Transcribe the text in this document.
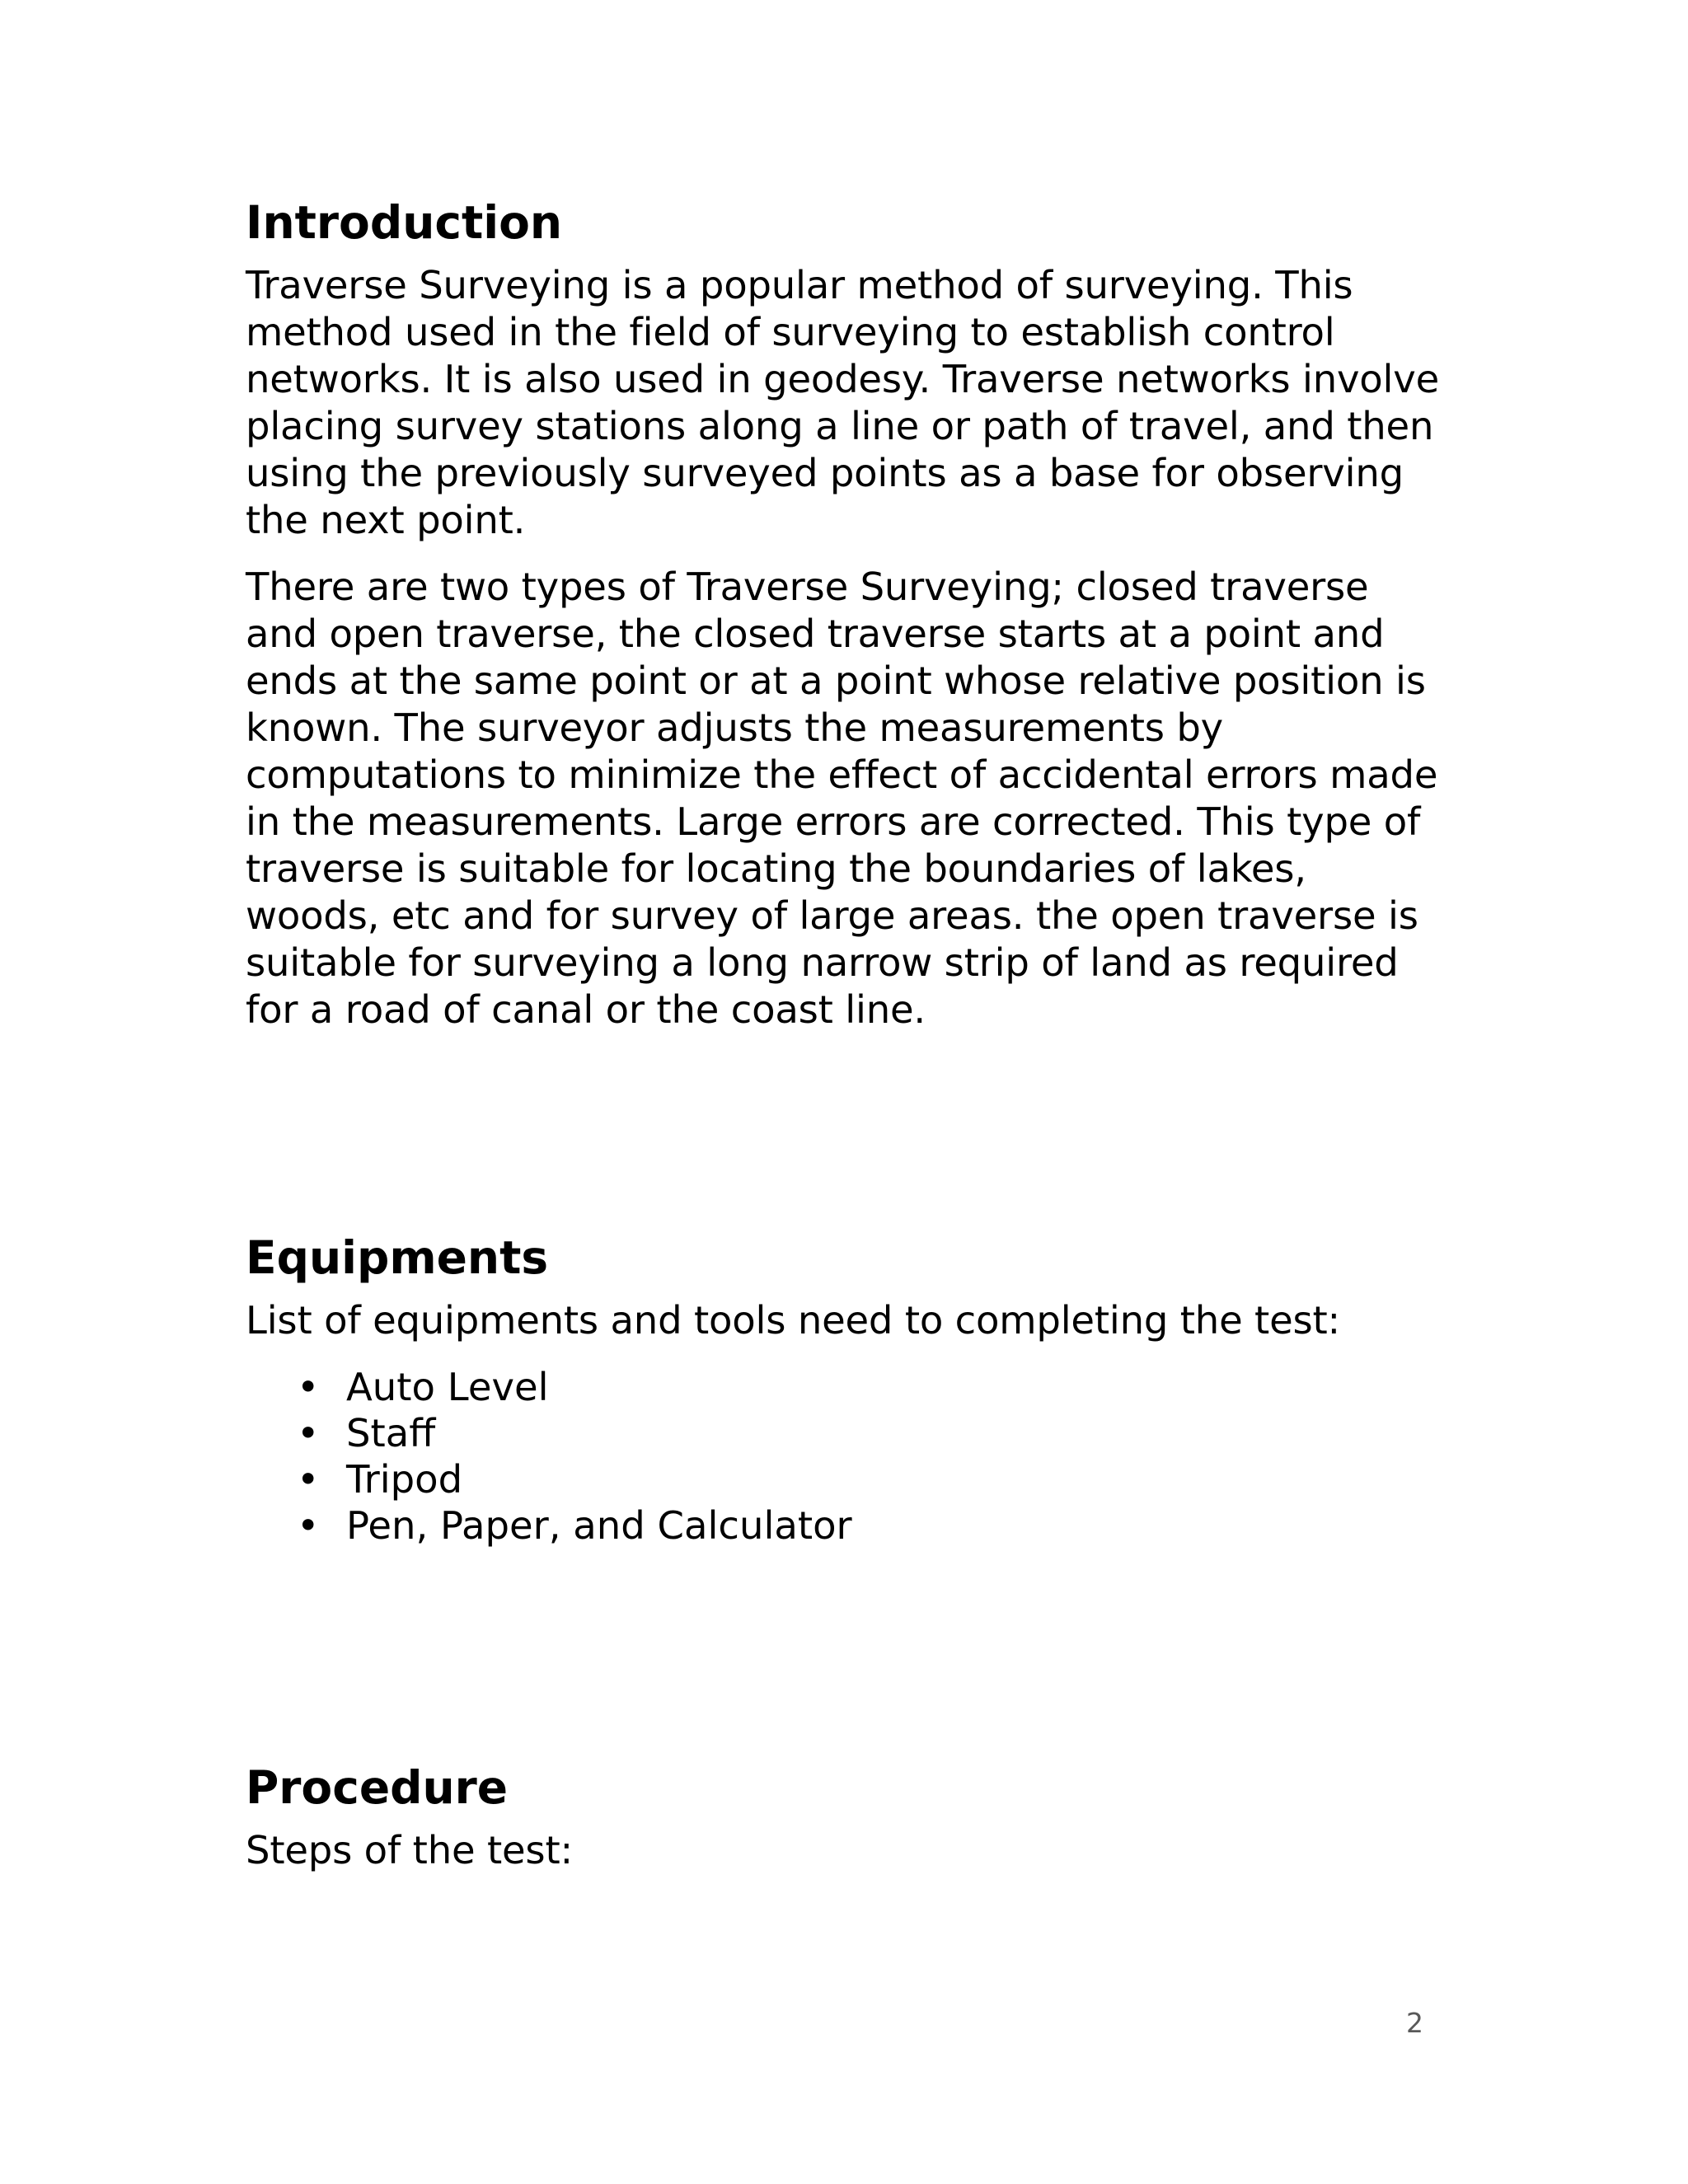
Introduction

Traverse Surveying is a popular method of surveying. This method used in the field of surveying to establish control networks. It is also used in geodesy. Traverse networks involve placing survey stations along a line or path of travel, and then using the previously surveyed points as a base for observing the next point.

There are two types of Traverse Surveying; closed traverse and open traverse, the closed traverse starts at a point and ends at the same point or at a point whose relative position is known. The surveyor adjusts the measurements by computations to minimize the effect of accidental errors made in the measurements. Large errors are corrected. This type of traverse is suitable for locating the boundaries of lakes, woods, etc and for survey of large areas. the open traverse is suitable for surveying a long narrow strip of land as required for a road of canal or the coast line.

Equipments

List of equipments and tools need to completing the test:

• Auto Level
• Staff
• Tripod
• Pen, Paper, and Calculator
Procedure

Steps of the test:

2
